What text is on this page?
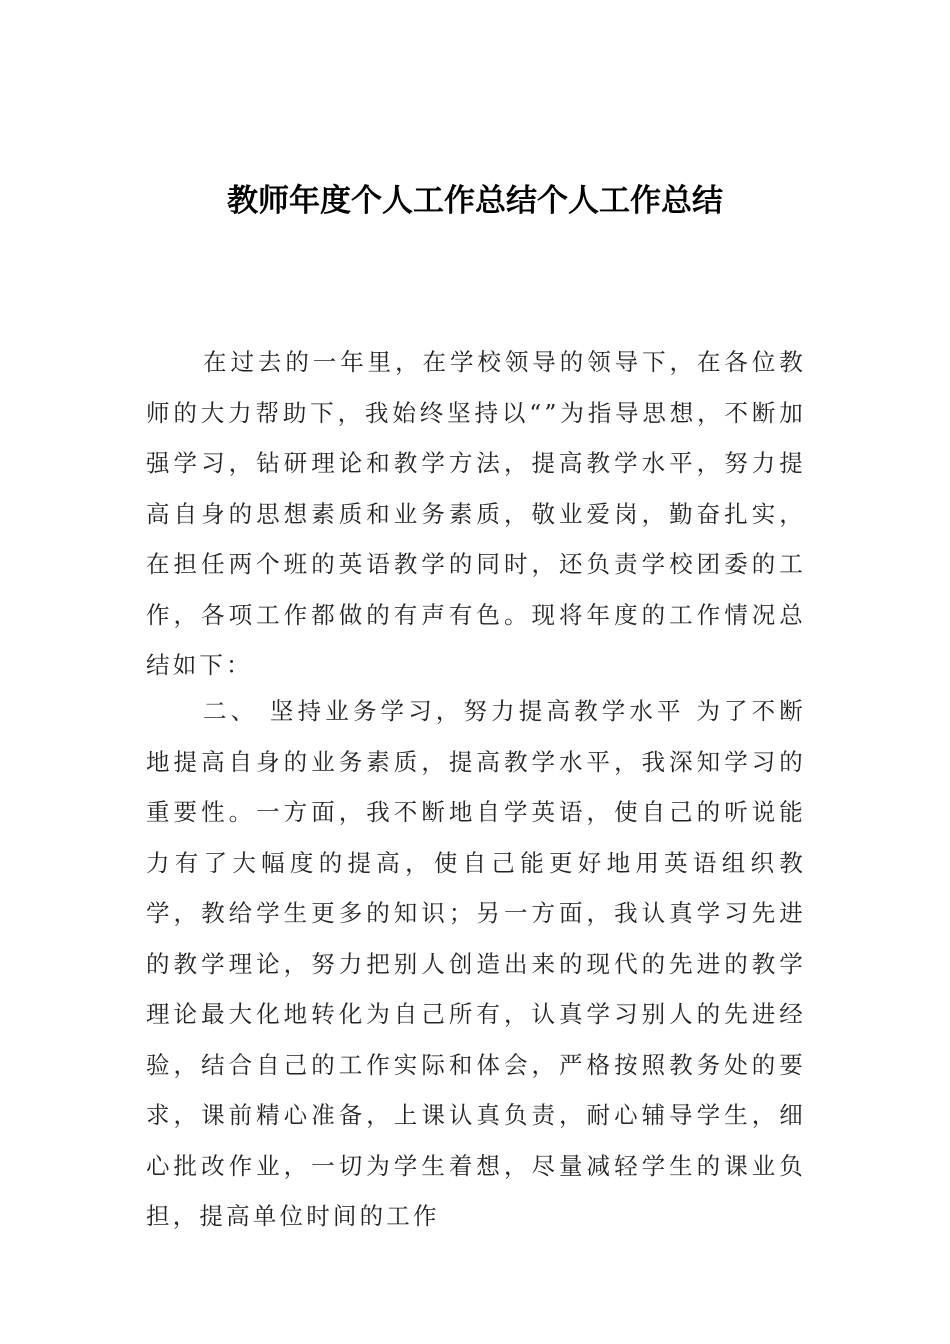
教师年度个人工作总结个人工作总结

在过去的一年里，在学校领导的领导下，在各位教师的大力帮助下，我始终坚持以“”为指导思想，不断加强学习，钻研理论和教学方法，提高教学水平，努力提高自身的思想素质和业务素质，敬业爱岗，勤奋扎实，在担任两个班的英语教学的同时，还负责学校团委的工作，各项工作都做的有声有色。现将年度的工作情况总结如下：

二、 坚持业务学习，努力提高教学水平 为了不断地提高自身的业务素质，提高教学水平，我深知学习的重要性。一方面，我不断地自学英语，使自己的听说能力有了大幅度的提高，使自己能更好地用英语组织教学，教给学生更多的知识；另一方面，我认真学习先进的教学理论，努力把别人创造出来的现代的先进的教学理论最大化地转化为自己所有，认真学习别人的先进经验，结合自己的工作实际和体会，严格按照教务处的要求，课前精心准备，上课认真负责，耐心辅导学生，细心批改作业，一切为学生着想，尽量减轻学生的课业负担，提高单位时间的工作
